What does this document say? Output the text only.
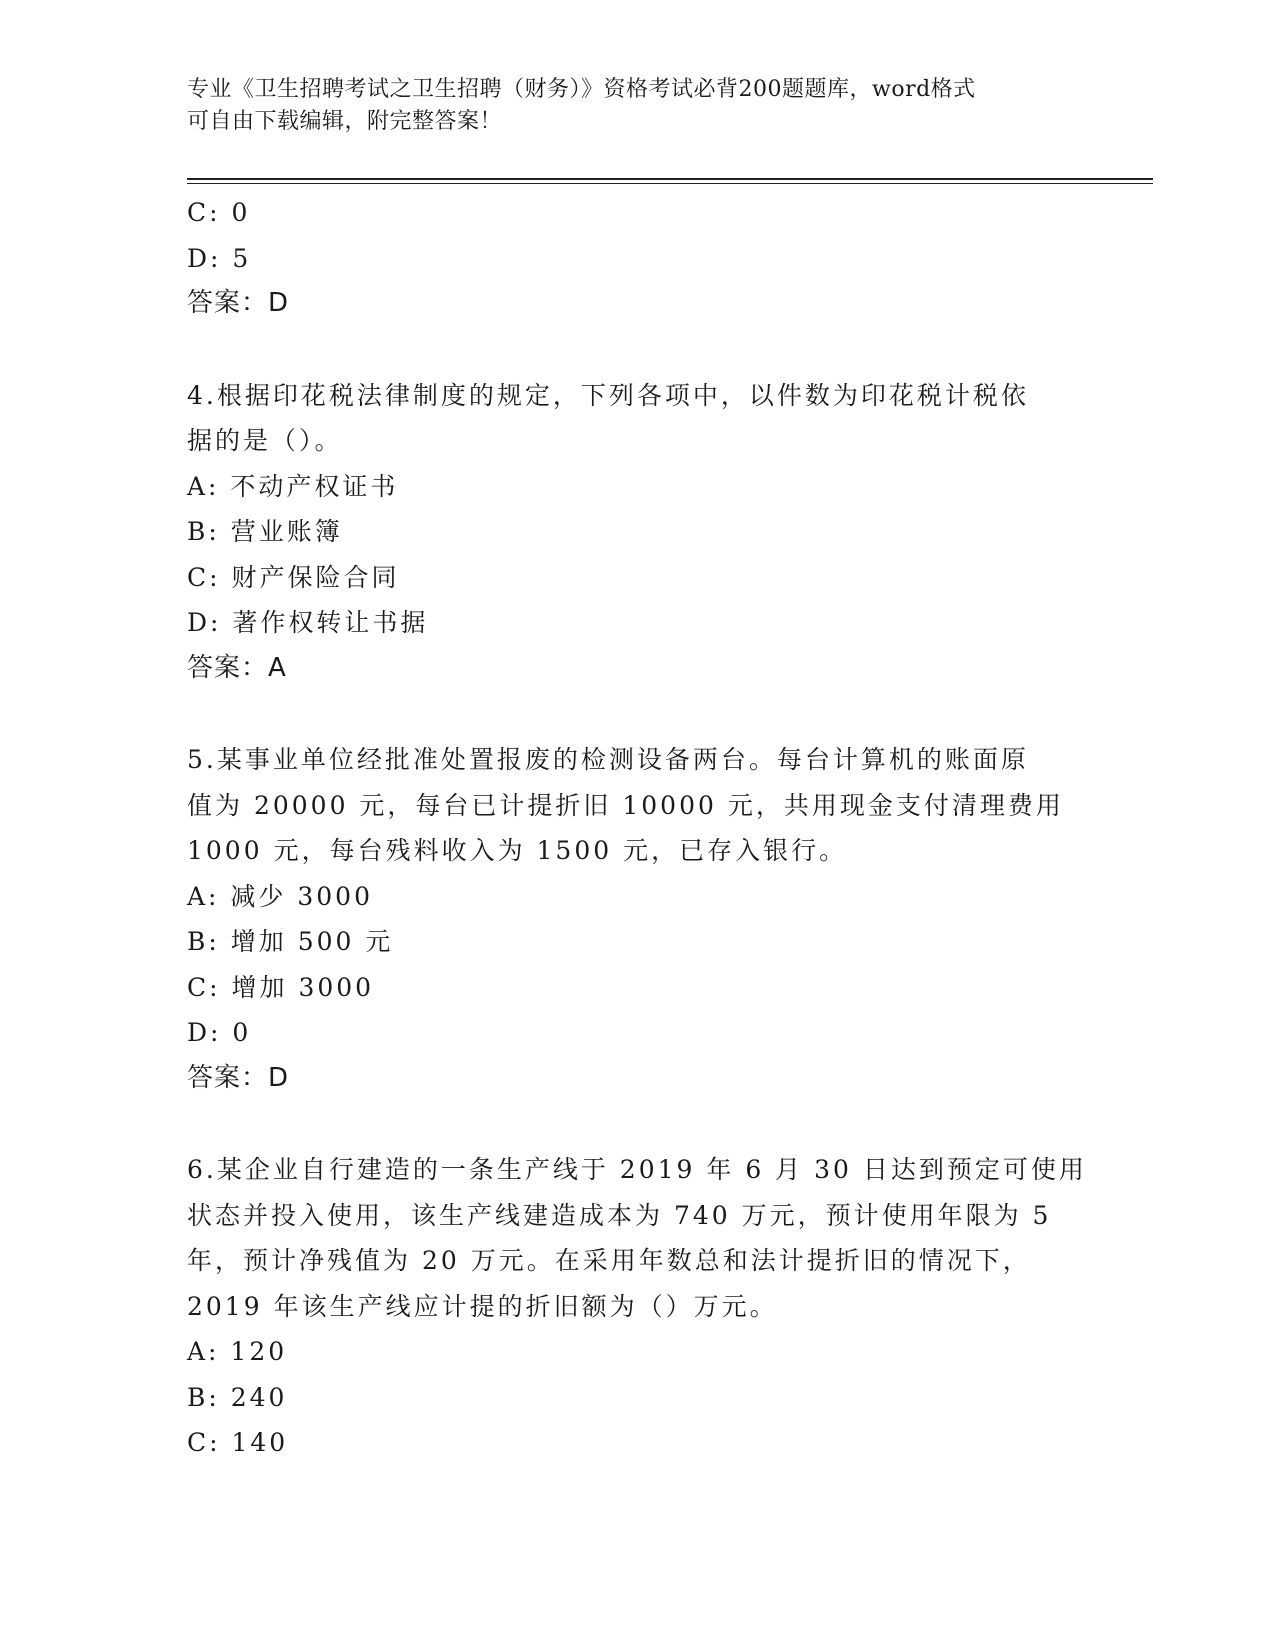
专业《卫生招聘考试之卫生招聘（财务）》资格考试必背200题题库，word格式
可自由下载编辑，附完整答案！
C: 0
D: 5
答案：D
4.根据印花税法律制度的规定，下列各项中，以件数为印花税计税依
据的是（）。
A: 不动产权证书
B: 营业账簿
C: 财产保险合同
D: 著作权转让书据
答案：A
5.某事业单位经批准处置报废的检测设备两台。每台计算机的账面原
值为 20000 元，每台已计提折旧 10000 元，共用现金支付清理费用
1000 元，每台残料收入为 1500 元，已存入银行。
A: 减少 3000
B: 增加 500 元
C: 增加 3000
D: 0
答案：D
6.某企业自行建造的一条生产线于 2019 年 6 月 30 日达到预定可使用
状态并投入使用，该生产线建造成本为 740 万元，预计使用年限为 5
年，预计净残值为 20 万元。在采用年数总和法计提折旧的情况下，
2019 年该生产线应计提的折旧额为（）万元。
A: 120
B: 240
C: 140
